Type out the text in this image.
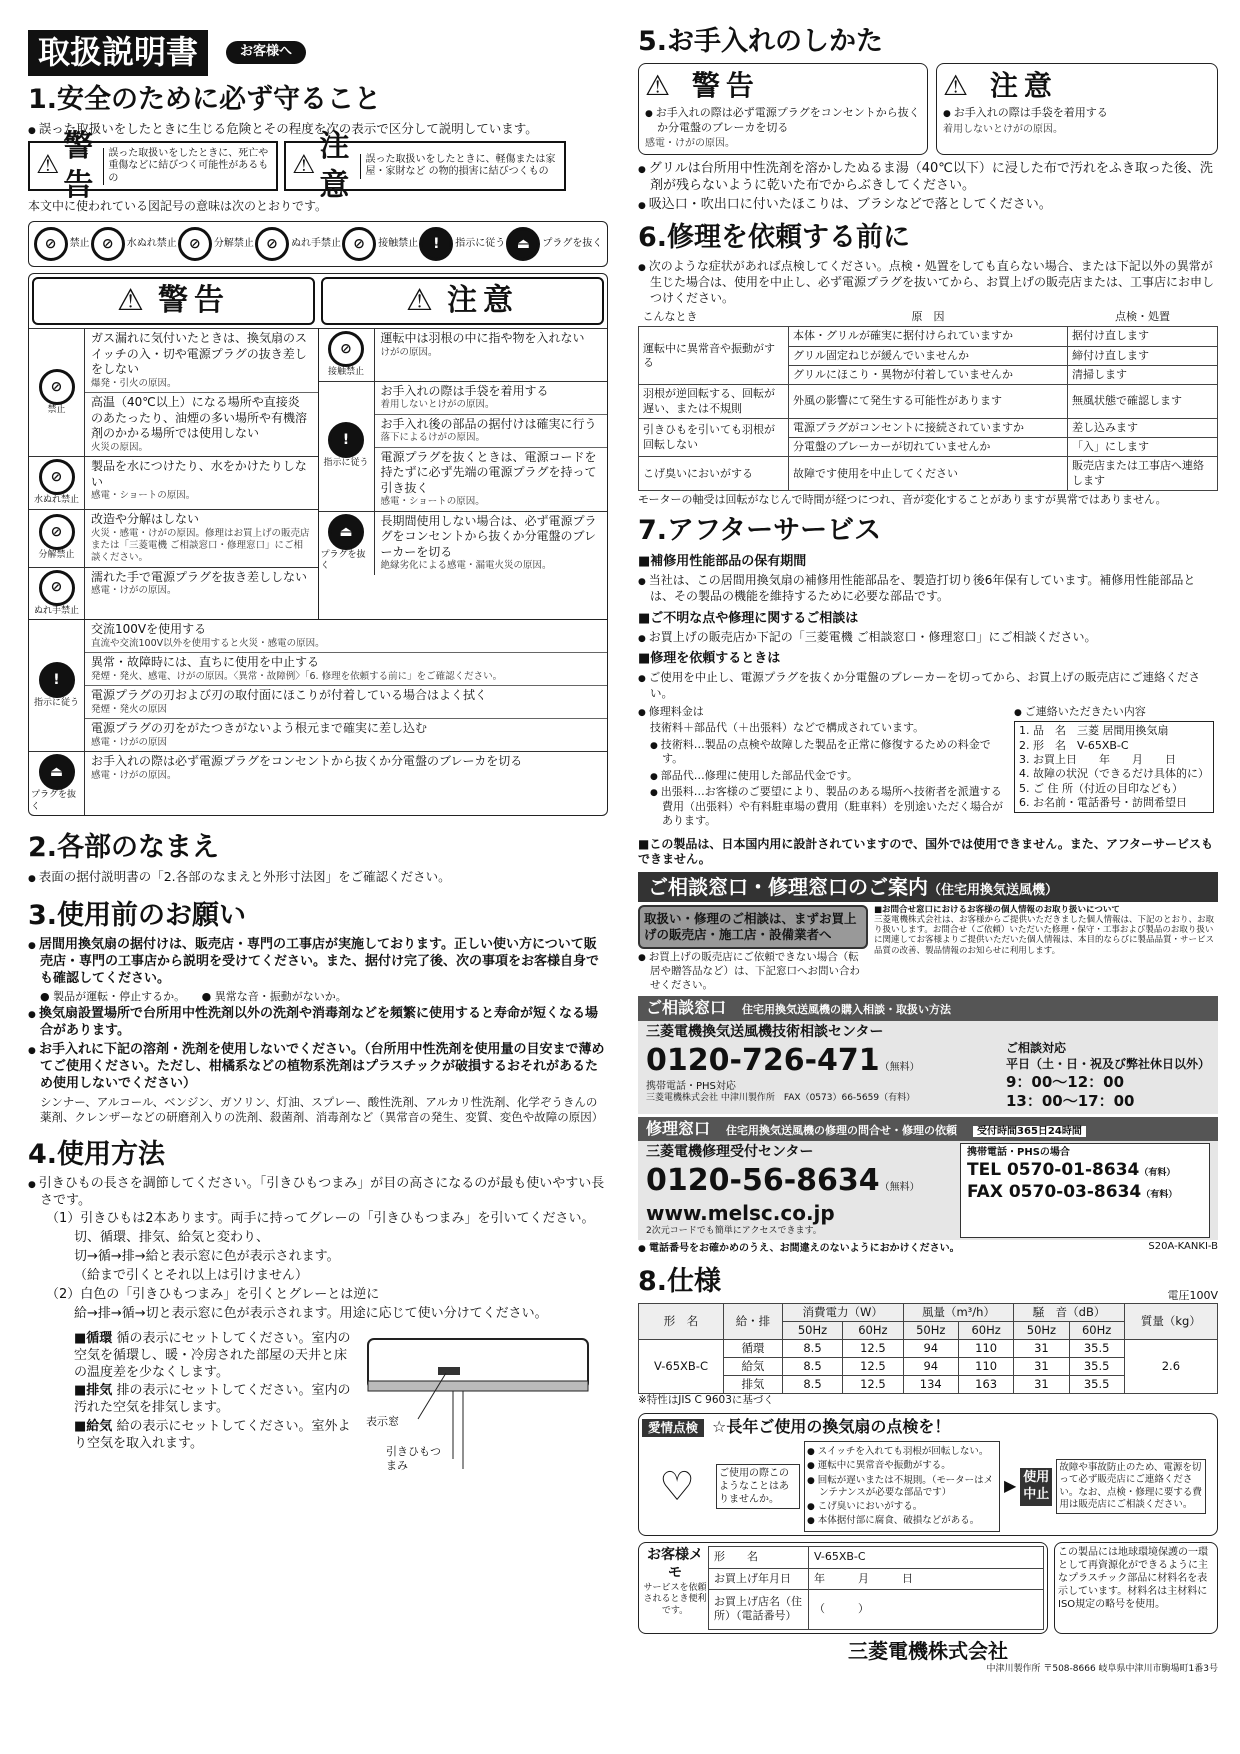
取扱説明書	お客様へ
1.安全のために必ず守ること
● 誤った取扱いをしたときに生じる危険とその程度を次の表示で区分して説明しています。
⚠
警告
誤った取扱いをしたときに、死亡や重傷などに結びつく可能性があるもの	⚠
注意
誤った取扱いをしたときに、軽傷または家屋・家財など の物的損害に結びつくもの
本文中に使われている図記号の意味は次のとおりです。
⊘	禁止 ⊘	水ぬれ禁止 ⊘	分解禁止 ⊘	ぬれ手禁止 ⊘	接触禁止	!	指示に従う ⏏	プラグを抜く
⚠ 警告	⚠ 注意
⊘
禁止
ガス漏れに気付いたときは、換気扇のスイッチの入・切や電源プラグの抜き差しをしない
爆発・引火の原因。
高温（40℃以上）になる場所や直接炎のあたったり、油煙の多い場所や有機溶剤のかかる場所では使用しない
火災の原因。
⊘
水ぬれ禁止
製品を水につけたり、水をかけたりしない
感電・ショートの原因。
⊘
分解禁止
改造や分解はしない
火災・感電・けがの原因。修理はお買上げの販売店または「三菱電機 ご相談窓口・修理窓口」にご相談ください。
⊘
ぬれ手禁止
濡れた手で電源プラグを抜き差ししない
感電・けがの原因。
⊘
接触禁止
運転中は羽根の中に指や物を入れない
けがの原因。
!
指示に従う
お手入れの際は手袋を着用する
着用しないとけがの原因。
お手入れ後の部品の据付けは確実に行う
落下によるけがの原因。
電源プラグを抜くときは、電源コードを持たずに必ず先端の電源プラグを持って引き抜く
感電・ショートの原因。
⏏
プラグを抜く
長期間使用しない場合は、必ず電源プラグをコンセントから抜くか分電盤のブレーカーを切る
絶縁劣化による感電・漏電火災の原因。
!
指示に従う
交流100Vを使用する
直流や交流100V以外を使用すると火災・感電の原因。
異常・故障時には、直ちに使用を中止する
発煙・発火、感電、けがの原因。〈異常・故障例〉「6. 修理を依頼する前に」をご確認ください。
電源プラグの刃および刃の取付面にほこりが付着している場合はよく拭く
発煙・発火の原因
電源プラグの刃をがたつきがないよう根元まで確実に差し込む
感電・けがの原因
⏏
プラグを抜く
お手入れの際は必ず電源プラグをコンセントから抜くか分電盤のブレーカを切る
感電・けがの原因。
2.各部のなまえ
● 表面の据付説明書の「2.各部のなまえと外形寸法図」をご確認ください。
3.使用前のお願い
● 居間用換気扇の据付けは、販売店・専門の工事店が実施しております。正しい使い方について販売店・専門の工事店から説明を受けてください。また、据付け完了後、次の事項をお客様自身でも確認してください。
● 製品が運転・停止するか。　　● 異常な音・振動がないか。
● 換気扇設置場所で台所用中性洗剤以外の洗剤や消毒剤などを頻繁に使用すると寿命が短くなる場合があります。
● お手入れに下記の溶剤・洗剤を使用しないでください。（台所用中性洗剤を使用量の目安まで薄めてご使用ください。ただし、柑橘系などの植物系洗剤はプラスチックが破損するおそれがあるため使用しないでください）
シンナー、アルコール、ベンジン、ガソリン、灯油、スプレー、酸性洗剤、アルカリ性洗剤、化学ぞうきんの薬剤、クレンザーなどの研磨剤入りの洗剤、殺菌剤、消毒剤など（異常音の発生、変質、変色や故障の原因）
4.使用方法
● 引きひもの長さを調節してください。「引きひもつまみ」が目の高さになるのが最も使いやすい長さです。
（1）引きひもは2本あります。両手に持ってグレーの「引きひもつまみ」を引いてください。
切、循環、排気、給気と変わり、
切→循→排→給と表示窓に色が表示されます。
（給まで引くとそれ以上は引けません）
（2）白色の「引きひもつまみ」を引くとグレーとは逆に
給→排→循→切と表示窓に色が表示されます。用途に応じて使い分けてください。
■循環 循の表示にセットしてください。室内の空気を循環し、暖・冷房された部屋の天井と床の温度差を少なくします。
■排気 排の表示にセットしてください。室内の汚れた空気を排気します。
■給気 給の表示にセットしてください。室外より空気を取入れます。
表示窓
引きひもつまみ
5.お手入れのしかた
⚠ 警告
● お手入れの際は必ず電源プラグをコンセントから抜くか分電盤のブレーカを切る
感電・けがの原因。
⚠ 注意
● お手入れの際は手袋を着用する
着用しないとけがの原因。
● グリルは台所用中性洗剤を溶かしたぬるま湯（40℃以下）に浸した布で汚れをふき取った後、洗剤が残らないように乾いた布でからぶきしてください。
● 吸込口・吹出口に付いたほこりは、ブラシなどで落としてください。
6.修理を依頼する前に
● 次のような症状があれば点検してください。点検・処置をしても直らない場合、または下記以外の異常が生じた場合は、使用を中止し、必ず電源プラグを抜いてから、お買上げの販売店または、工事店にお申しつけください。
こんなとき	原　因	点検・処置
運転中に異常音や振動がする	本体・グリルが確実に据付けられていますか	据付け直します
	グリル固定ねじが緩んでいませんか	締付け直します
	グリルにほこり・異物が付着していませんか	清掃します
羽根が逆回転する、回転が遅い、または不規則	外風の影響にて発生する可能性があります	無風状態で確認します
引きひもを引いても羽根が回転しない	電源プラグがコンセントに接続されていますか	差し込みます
	分電盤のブレーカーが切れていませんか	「入」にします
こげ臭いにおいがする	故障です使用を中止してください	販売店または工事店へ連絡します
モーターの軸受は回転がなじんで時間が経つにつれ、音が変化することがありますが異常ではありません。
7.アフターサービス
■ 補修用性能部品の保有期間
● 当社は、この居間用換気扇の補修用性能部品を、製造打切り後6年保有しています。補修用性能部品とは、その製品の機能を維持するために必要な部品です。
■ ご不明な点や修理に関するご相談は
● お買上げの販売店か下記の「三菱電機 ご相談窓口・修理窓口」にご相談ください。
■ 修理を依頼するときは
● ご使用を中止し、電源プラグを抜くか分電盤のブレーカーを切ってから、お買上げの販売店にご連絡ください。
● 修理料金は
技術料＋部品代（＋出張料）などで構成されています。
● 技術料…製品の点検や故障した製品を正常に修復するための料金です。
● 部品代…修理に使用した部品代金です。
● 出張料…お客様のご要望により、製品のある場所へ技術者を派遣する費用（出張料）や有料駐車場の費用（駐車料）を別途いただく場合があります。
● ご連絡いただきたい内容
1. 品　名　三菱 居間用換気扇
2. 形　名　V-65XB-C
3. お買上日　　年　　月　　日
4. 故障の状況（できるだけ具体的に）
5. ご 住 所（付近の目印なども）
6. お名前・電話番号・訪問希望日
■ この製品は、日本国内用に設計されていますので、国外では使用できません。また、アフターサービスもできません。
ご相談窓口・修理窓口のご案内（住宅用換気送風機）
取扱い・修理のご相談は、まずお買上げの販売店・施工店・設備業者へ
● お買上げの販売店にご依頼できない場合（転居や贈答品など）は、下記窓口へお問い合わせください。
■お問合せ窓口におけるお客様の個人情報のお取り扱いについて
三菱電機株式会社は、お客様からご提供いただきました個人情報は、下記のとおり、お取り扱いします。お問合せ（ご依頼）いただいた修理・保守・工事および製品のお取り扱いに関連してお客様よりご提供いただいた個人情報は、本目的ならびに製品品質・サービス品質の改善、製品情報のお知らせに利用します。
ご相談窓口　 住宅用換気送風機の購入相談・取扱い方法
三菱電機換気送風機技術相談センター
0120-726-471（無料）
携帯電話・PHS対応
三菱電機株式会社 中津川製作所　 FAX（0573）66-5659（有料）
ご相談対応
平日（土・日・祝及び弊社休日以外）
9：00〜12：00
13：00〜17：00
修理窓口　 住宅用換気送風機の修理の問合せ・修理の依頼　 受付時間365日24時間
三菱電機修理受付センター
0120-56-8634（無料）
www.melsc.co.jp
2次元コードでも簡単にアクセスできます。
携帯電話・PHSの場合
TEL 0570-01-8634（有料）
FAX 0570-03-8634（有料）
● 電話番号をお確かめのうえ、お間違えのないようにおかけください。	S20A-KANKI-B
8.仕様	電圧100V
形　名	給・排	消費電力（W）		風量（m³/h）		騒　音（dB）		質量（kg）
		50Hz	60Hz	50Hz	60Hz	50Hz	60Hz	
V-65XB-C	循環	8.5	12.5	94	110	31	35.5	2.6
	給気	8.5	12.5	94	110	31	35.5	
	排気	8.5	12.5	134	163	31	35.5	
※特性はJIS C 9603に基づく
愛情点検 ☆長年ご使用の換気扇の点検を！
♡	ご使用の際このようなことはありませんか。
● スイッチを入れても羽根が回転しない。
● 運転中に異常音や振動がする。
● 回転が遅いまたは不規則。（モーターはメンテナンスが必要な部品です）
● こげ臭いにおいがする。
● 本体据付部に腐食、破損などがある。
▶ 使用中止
故障や事故防止のため、電源を切って必ず販売店にご連絡ください。なお、点検・修理に要する費用は販売店にご相談ください。
お客様メモ
サービスを依頼されるとき便利です。
形　　名	V-65XB-C
お買上げ年月日	年　　　月　　　日
お買上げ店名（住所）（電話番号）	（　　　）
この製品には地球環境保護の一環として再資源化ができるように主なプラスチック部品に材料名を表示しています。材料名は主材料にISO規定の略号を使用。
三菱電機株式会社
中津川製作所 〒508-8666 岐阜県中津川市駒場町1番3号
